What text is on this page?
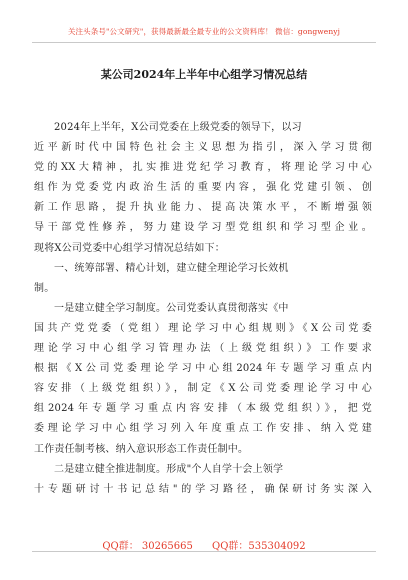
关注头条号"公文研究"，获得最新最全最专业的公文资料库！ 微信：gongwenyj
某公司2024年上半年中心组学习情况总结
2024年上半年，X公司党委在上级党委的领导下，以习
近平新时代中国特色社会主义思想为指引，深入学习贯彻
党的XX大精神，扎实推进党纪学习教育，将理论学习中心
组作为党委党内政治生活的重要内容，强化党建引领、创
新工作思路，提升执业能力、提高决策水平，不断增强领
导干部党性修养，努力建设学习型党组织和学习型企业。
现将X公司党委中心组学习情况总结如下：
一、统筹部署、精心计划，建立健全理论学习长效机
制。
一是建立健全学习制度。公司党委认真贯彻落实《中
国共产党党委（党组）理论学习中心组规则》《X公司党委
理论学习中心组学习管理办法（上级党组织）》工作要求
根据《X公司党委理论学习中心组2024年专题学习重点内
容安排（上级党组织）》，制定《X公司党委理论学习中心
组2024年专题学习重点内容安排（本级党组织）》，把党
委理论学习中心组学习列入年度重点工作安排、纳入党建
工作责任制考核、纳入意识形态工作责任制中。
二是建立健全推进制度。形成"个人自学十会上领学
十专题研讨十书记总结"的学习路径，确保研讨务实深入
QQ群： 30265665 QQ群：535304092
